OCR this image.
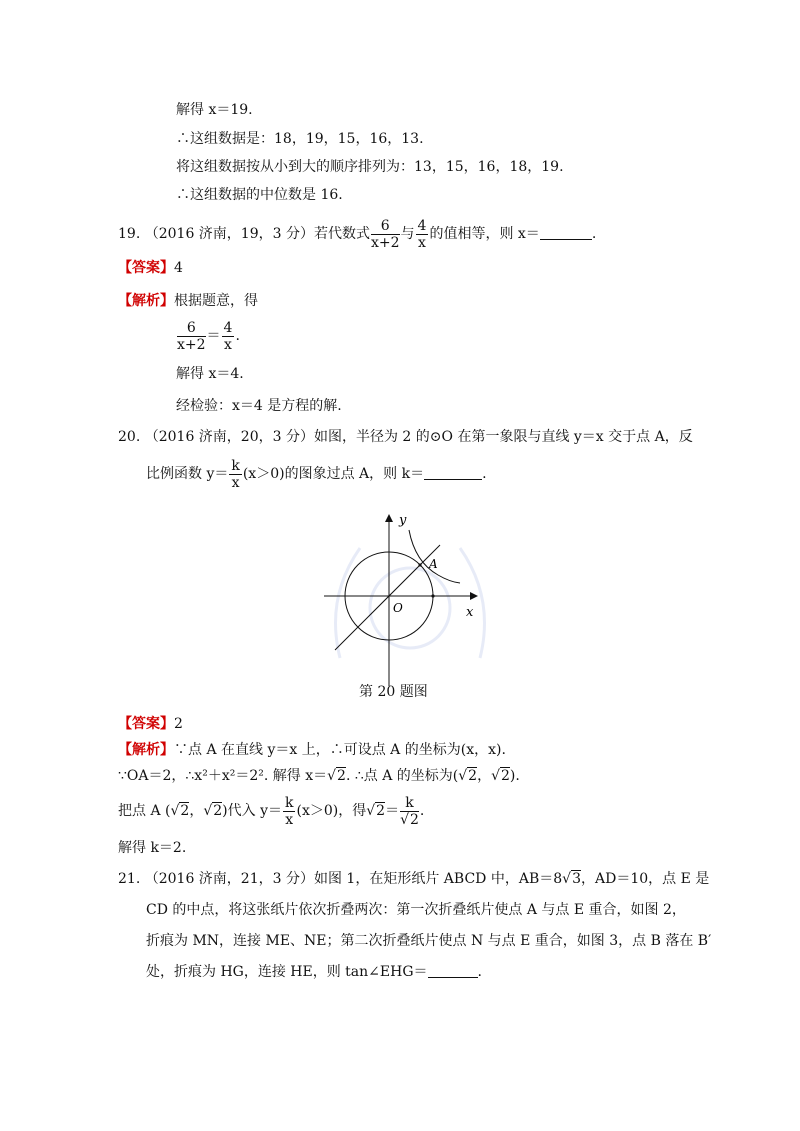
解得 x＝19.
∴这组数据是：18，19，15，16，13.
将这组数据按从小到大的顺序排列为：13，15，16，18，19.
∴这组数据的中位数是 16.
19. （2016 济南，19，3 分）若代数式 $\frac{6}{x+2}$ 与 $\frac{4}{x}$ 的值相等，则 x＝	.
【答案】4
【解析】根据题意，得
$\frac{6}{x+2} = \frac{4}{x}$ .
解得 x＝4.
经检验：x＝4 是方程的解.
20. （2016 济南，20，3 分）如图，半径为 2 的⊙O 在第一象限与直线 y＝x 交于点 A，反
比例函数 $y= \frac{k}{x} (x>0)$的图象过点 A，则 k＝	.
y
x
O
A
第 20 题图
【答案】2
【解析】∵点 A 在直线 y＝x 上，∴可设点 A 的坐标为(x，x).
∵OA＝2，∴x²＋x²＝2². 解得 x＝√2. ∴点 A 的坐标为(√2，√2).
把点 A (√2，√2)代入 $y= \frac{k}{x} (x>0)$，得$√2= \frac{k}{√2}$ .
解得 k＝2.
21. （2016 济南，21，3 分）如图 1，在矩形纸片 ABCD 中，AB＝8√3，AD＝10，点 E 是
CD 的中点，将这张纸片依次折叠两次：第一次折叠纸片使点 A 与点 E 重合，如图 2，
折痕为 MN，连接 ME、NE；第二次折叠纸片使点 N 与点 E 重合，如图 3，点 B 落在 B′
处，折痕为 HG，连接 HE，则 tan∠EHG＝	.
